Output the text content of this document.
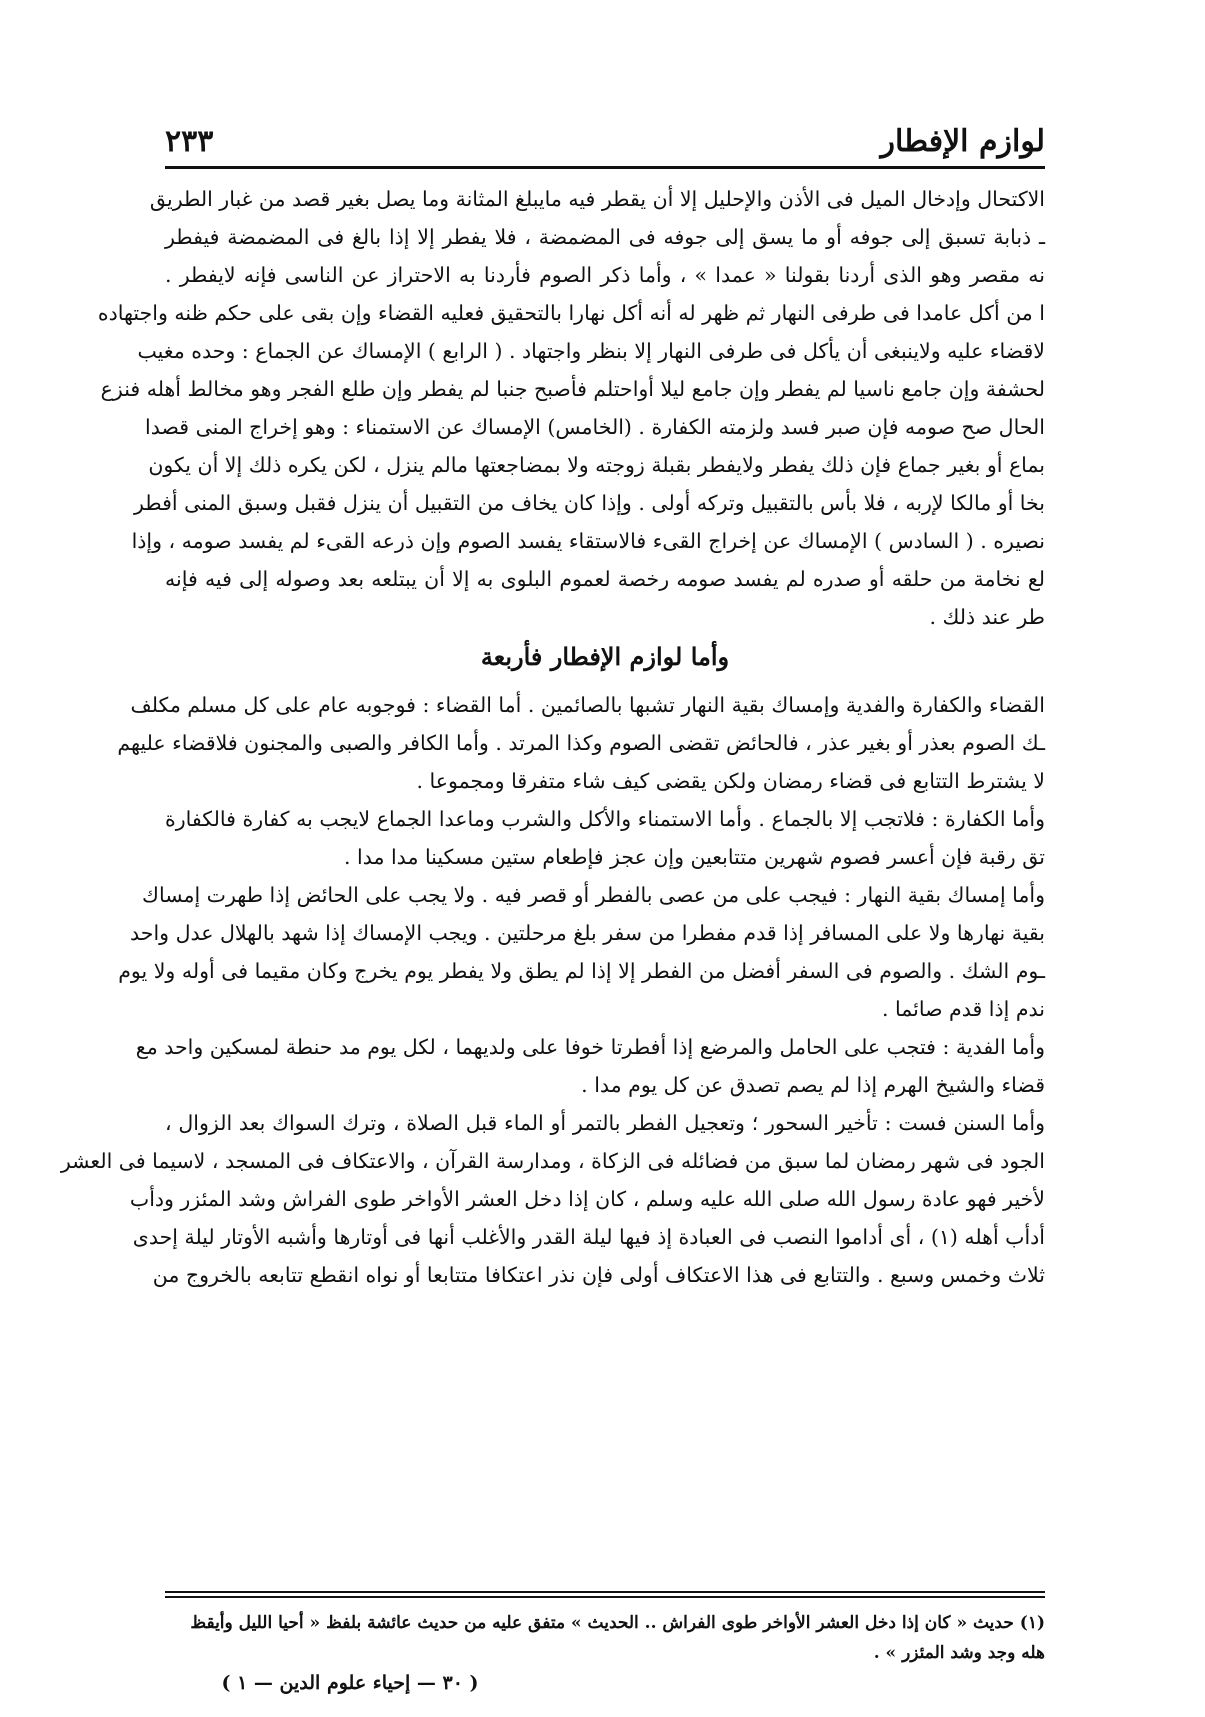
لوازم الإفطار
٢٣٣
الاكتحال وإدخال الميل فى الأذن والإحليل إلا أن يقطر فيه مايبلغ المثانة وما يصل بغير قصد من غبار الطريق
ـ ذبابة تسبق إلى جوفه أو ما يسق إلى جوفه فى المضمضة ، فلا يفطر إلا إذا بالغ فى المضمضة فيفطر
نه مقصر وهو الذى أردنا بقولنا « عمدا » ، وأما ذكر الصوم فأردنا به الاحتراز عن الناسى فإنه لايفطر .
ا من أكل عامدا فى طرفى النهار ثم ظهر له أنه أكل نهارا بالتحقيق فعليه القضاء وإن بقى على حكم ظنه واجتهاده
لاقضاء عليه ولاينبغى أن يأكل فى طرفى النهار إلا بنظر واجتهاد . ( الرابع ) الإمساك عن الجماع : وحده مغيب
لحشفة وإن جامع ناسيا لم يفطر وإن جامع ليلا أواحتلم فأصبح جنبا لم يفطر وإن طلع الفجر وهو مخالط أهله فنزع
الحال صح صومه فإن صبر فسد ولزمته الكفارة . (الخامس) الإمساك عن الاستمناء : وهو إخراج المنى قصدا
بماع أو بغير جماع فإن ذلك يفطر ولايفطر بقبلة زوجته ولا بمضاجعتها مالم ينزل ، لكن يكره ذلك إلا أن يكون
بخا أو مالكا لإربه ، فلا بأس بالتقبيل وتركه أولى . وإذا كان يخاف من التقبيل أن ينزل فقبل وسبق المنى أفطر
نصيره . ( السادس ) الإمساك عن إخراج القىء فالاستقاء يفسد الصوم وإن ذرعه القىء لم يفسد صومه ، وإذا
لع نخامة من حلقه أو صدره لم يفسد صومه رخصة لعموم البلوى به إلا أن يبتلعه بعد وصوله إلى فيه فإنه
طر عند ذلك .
وأما لوازم الإفطار فأربعة
القضاء والكفارة والفدية وإمساك بقية النهار تشبها بالصائمين . أما القضاء : فوجوبه عام على كل مسلم مكلف
ـك الصوم بعذر أو بغير عذر ، فالحائض تقضى الصوم وكذا المرتد . وأما الكافر والصبى والمجنون فلاقضاء عليهم
لا يشترط التتابع فى قضاء رمضان ولكن يقضى كيف شاء متفرقا ومجموعا .
وأما الكفارة : فلاتجب إلا بالجماع . وأما الاستمناء والأكل والشرب وماعدا الجماع لايجب به كفارة فالكفارة
تق رقبة فإن أعسر فصوم شهرين متتابعين وإن عجز فإطعام ستين مسكينا مدا مدا .
وأما إمساك بقية النهار : فيجب على من عصى بالفطر أو قصر فيه . ولا يجب على الحائض إذا طهرت إمساك
بقية نهارها ولا على المسافر إذا قدم مفطرا من سفر بلغ مرحلتين . ويجب الإمساك إذا شهد بالهلال عدل واحد
ـوم الشك . والصوم فى السفر أفضل من الفطر إلا إذا لم يطق ولا يفطر يوم يخرج وكان مقيما فى أوله ولا يوم
ندم إذا قدم صائما .
وأما الفدية : فتجب على الحامل والمرضع إذا أفطرتا خوفا على ولديهما ، لكل يوم مد حنطة لمسكين واحد مع
قضاء والشيخ الهرم إذا لم يصم تصدق عن كل يوم مدا .
وأما السنن فست : تأخير السحور ؛ وتعجيل الفطر بالتمر أو الماء قبل الصلاة ، وترك السواك بعد الزوال ،
الجود فى شهر رمضان لما سبق من فضائله فى الزكاة ، ومدارسة القرآن ، والاعتكاف فى المسجد ، لاسيما فى العشر
لأخير فهو عادة رسول الله صلى الله عليه وسلم ، كان إذا دخل العشر الأواخر طوى الفراش وشد المئزر ودأب
أدأب أهله (١) ، أى أداموا النصب فى العبادة إذ فيها ليلة القدر والأغلب أنها فى أوتارها وأشبه الأوتار ليلة إحدى
ثلاث وخمس وسبع . والتتابع فى هذا الاعتكاف أولى فإن نذر اعتكافا متتابعا أو نواه انقطع تتابعه بالخروج من
(١) حديث « كان إذا دخل العشر الأواخر طوى الفراش .. الحديث » متفق عليه من حديث عائشة بلفظ « أحيا الليل وأيقظ
هله وجد وشد المئزر » .
( ٣٠ — إحياء علوم الدين — ١ )
